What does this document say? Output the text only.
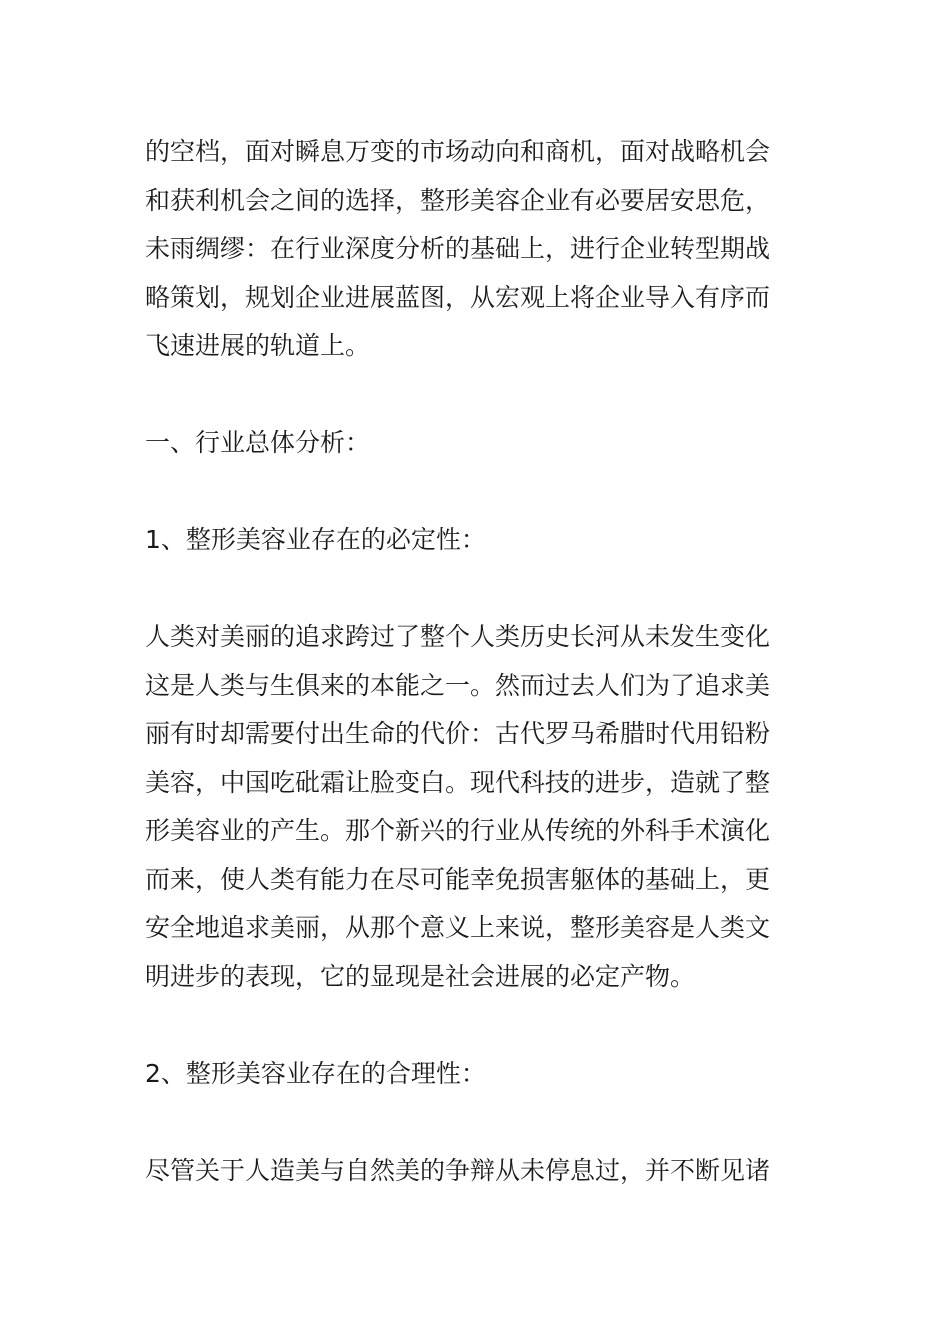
的空档，面对瞬息万变的市场动向和商机，面对战略机会
和获利机会之间的选择，整形美容企业有必要居安思危，
未雨绸缪：在行业深度分析的基础上，进行企业转型期战
略策划，规划企业进展蓝图，从宏观上将企业导入有序而
飞速进展的轨道上。
一、行业总体分析：
1、整形美容业存在的必定性：
人类对美丽的追求跨过了整个人类历史长河从未发生变化
这是人类与生俱来的本能之一。然而过去人们为了追求美
丽有时却需要付出生命的代价：古代罗马希腊时代用铅粉
美容，中国吃砒霜让脸变白。现代科技的进步，造就了整
形美容业的产生。那个新兴的行业从传统的外科手术演化
而来，使人类有能力在尽可能幸免损害躯体的基础上，更
安全地追求美丽，从那个意义上来说，整形美容是人类文
明进步的表现，它的显现是社会进展的必定产物。
2、整形美容业存在的合理性：
尽管关于人造美与自然美的争辩从未停息过，并不断见诸
